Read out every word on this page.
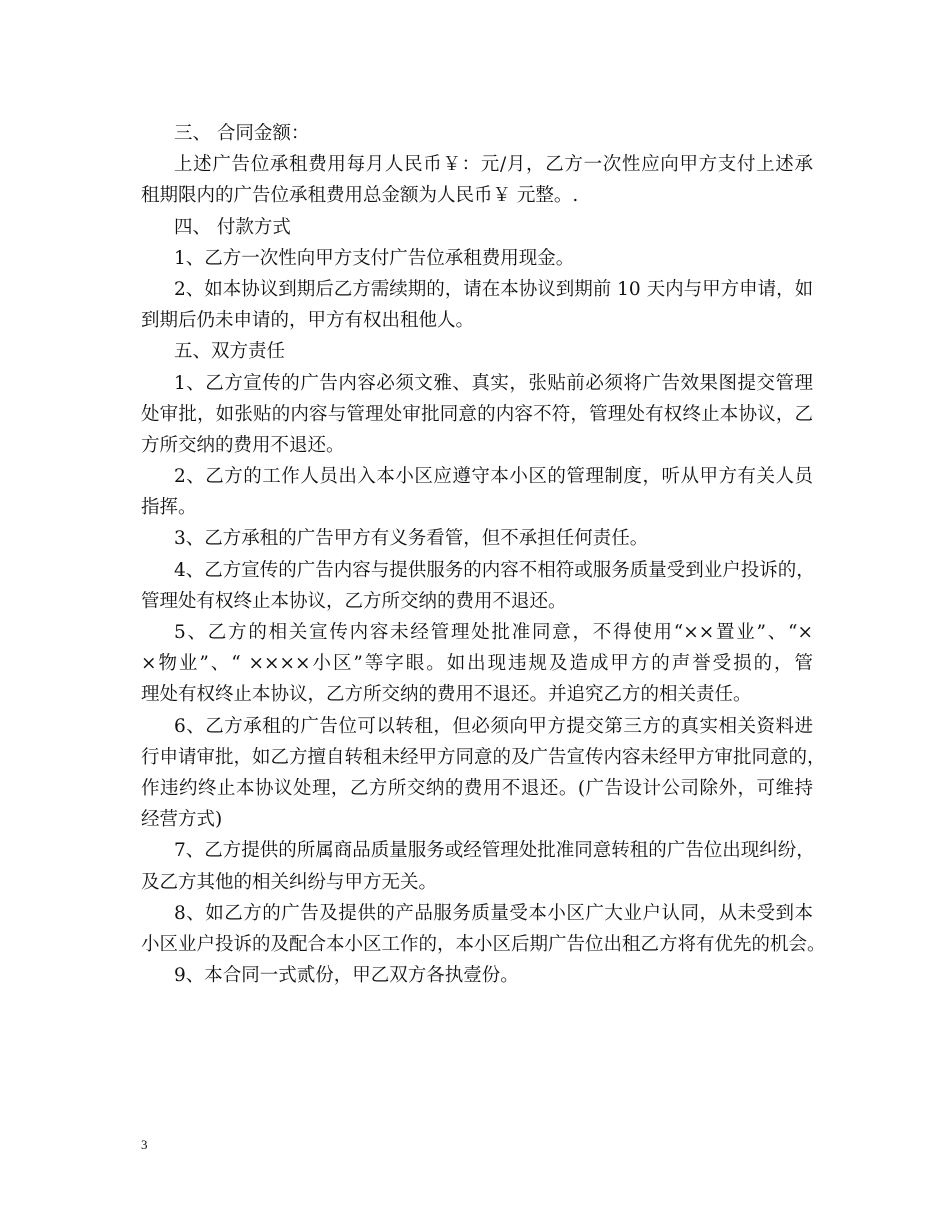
三、 合同金额：

上述广告位承租费用每月人民币￥：元/月，乙方一次性应向甲方支付上述承

租期限内的广告位承租费用总金额为人民币￥ 元整。.

四、 付款方式

1、乙方一次性向甲方支付广告位承租费用现金。

2、如本协议到期后乙方需续期的，请在本协议到期前 10 天内与甲方申请，如

到期后仍未申请的，甲方有权出租他人。

五、双方责任

1、乙方宣传的广告内容必须文雅、真实，张贴前必须将广告效果图提交管理

处审批，如张贴的内容与管理处审批同意的内容不符，管理处有权终止本协议，乙

方所交纳的费用不退还。

2、乙方的工作人员出入本小区应遵守本小区的管理制度，听从甲方有关人员

指挥。

3、乙方承租的广告甲方有义务看管，但不承担任何责任。

4、乙方宣传的广告内容与提供服务的内容不相符或服务质量受到业户投诉的，

管理处有权终止本协议，乙方所交纳的费用不退还。

5、乙方的相关宣传内容未经管理处批准同意，不得使用“××置业”、“×

×物业”、“ ××××小区”等字眼。如出现违规及造成甲方的声誉受损的，管

理处有权终止本协议，乙方所交纳的费用不退还。并追究乙方的相关责任。

6、乙方承租的广告位可以转租，但必须向甲方提交第三方的真实相关资料进

行申请审批，如乙方擅自转租未经甲方同意的及广告宣传内容未经甲方审批同意的，

作违约终止本协议处理，乙方所交纳的费用不退还。(广告设计公司除外，可维持

经营方式)

7、乙方提供的所属商品质量服务或经管理处批准同意转租的广告位出现纠纷，

及乙方其他的相关纠纷与甲方无关。

8、如乙方的广告及提供的产品服务质量受本小区广大业户认同，从未受到本

小区业户投诉的及配合本小区工作的，本小区后期广告位出租乙方将有优先的机会。

9、本合同一式贰份，甲乙双方各执壹份。

3
